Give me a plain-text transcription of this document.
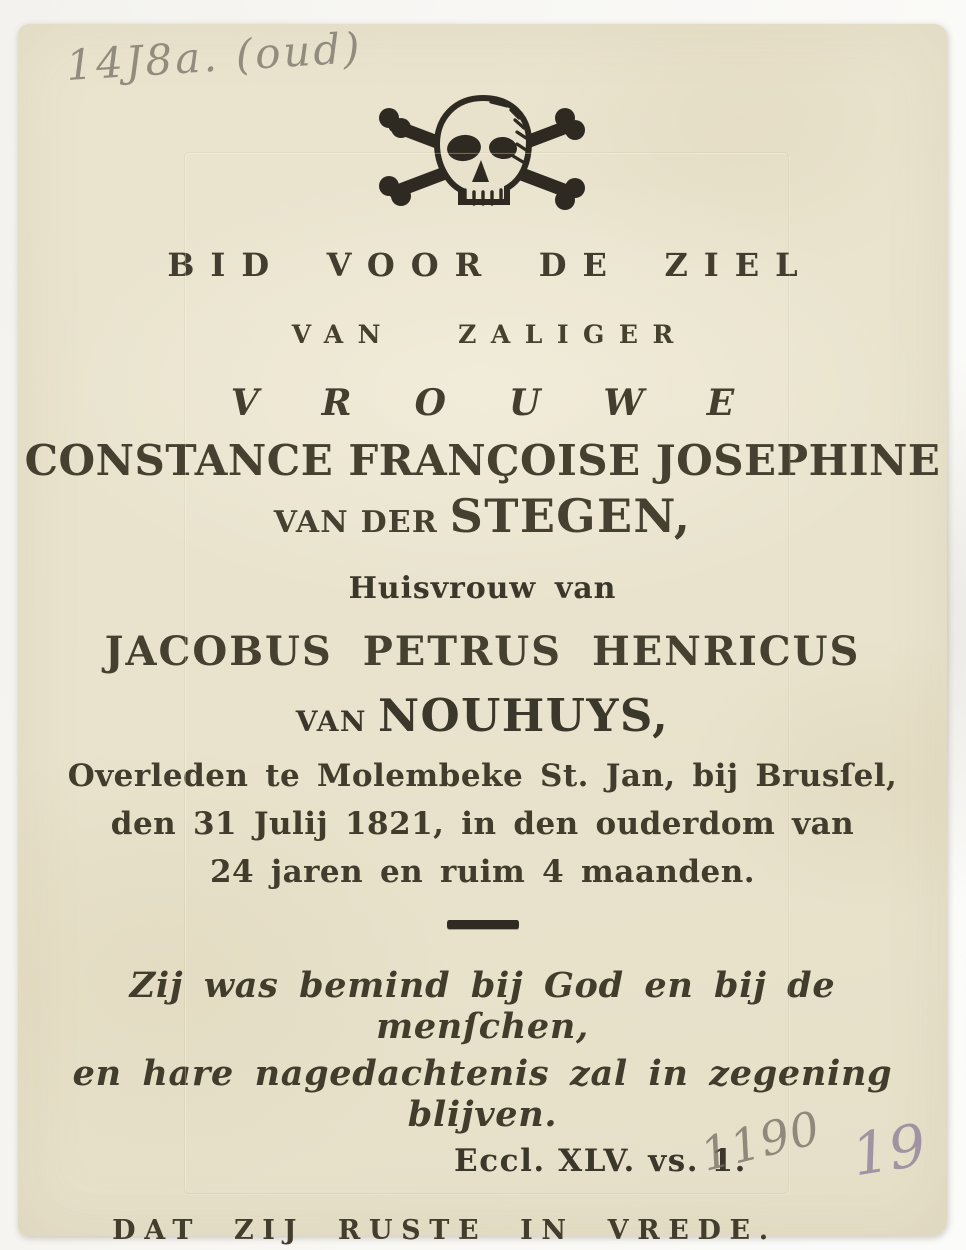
14J8a. (oud)
BID VOOR DE ZIEL
VAN ZALIGER
VROUWE
CONSTANCE FRANÇOISE JOSEPHINE
VAN DER STEGEN,
Huisvrouw van
JACOBUS PETRUS HENRICUS
VAN NOUHUYS,
Overleden te Molembeke St. Jan, bij Brusſel,
den 31 Julij 1821, in den ouderdom van
24 jaren en ruim 4 maanden.
Zij was bemind bij God en bij de menſchen,
en hare nagedachtenis zal in zegening blijven.
Eccl. XLV. vs. 1.
DAT ZIJ RUSTE IN VREDE.
1190 19
